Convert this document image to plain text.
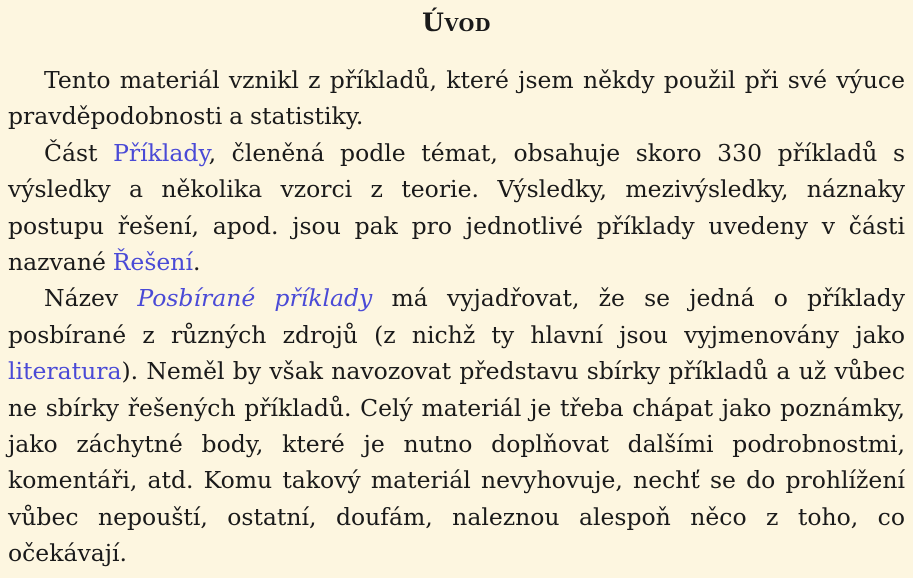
Úvod

Tento materiál vznikl z příkladů, které jsem někdy použil při své výuce pravděpodobnosti a statistiky.

Část Příklady, členěná podle témat, obsahuje skoro 330 příkladů s výsledky a několika vzorci z teorie. Výsledky, mezivýsledky, náznaky postupu řešení, apod. jsou pak pro jednotlivé příklady uvedeny v části nazvané Řešení.

Název Posbírané příklady má vyjadřovat, že se jedná o příklady posbírané z různých zdrojů (z nichž ty hlavní jsou vyjmenovány jako literatura). Neměl by však navozovat představu sbírky příkladů a už vůbec ne sbírky řešených příkladů. Celý materiál je třeba chápat jako poznámky, jako záchytné body, které je nutno doplňovat dalšími podrobnostmi, komentáři, atd. Komu takový materiál nevyhovuje, nechť se do prohlížení vůbec nepouští, ostatní, doufám, naleznou alespoň něco z toho, co očekávají.
